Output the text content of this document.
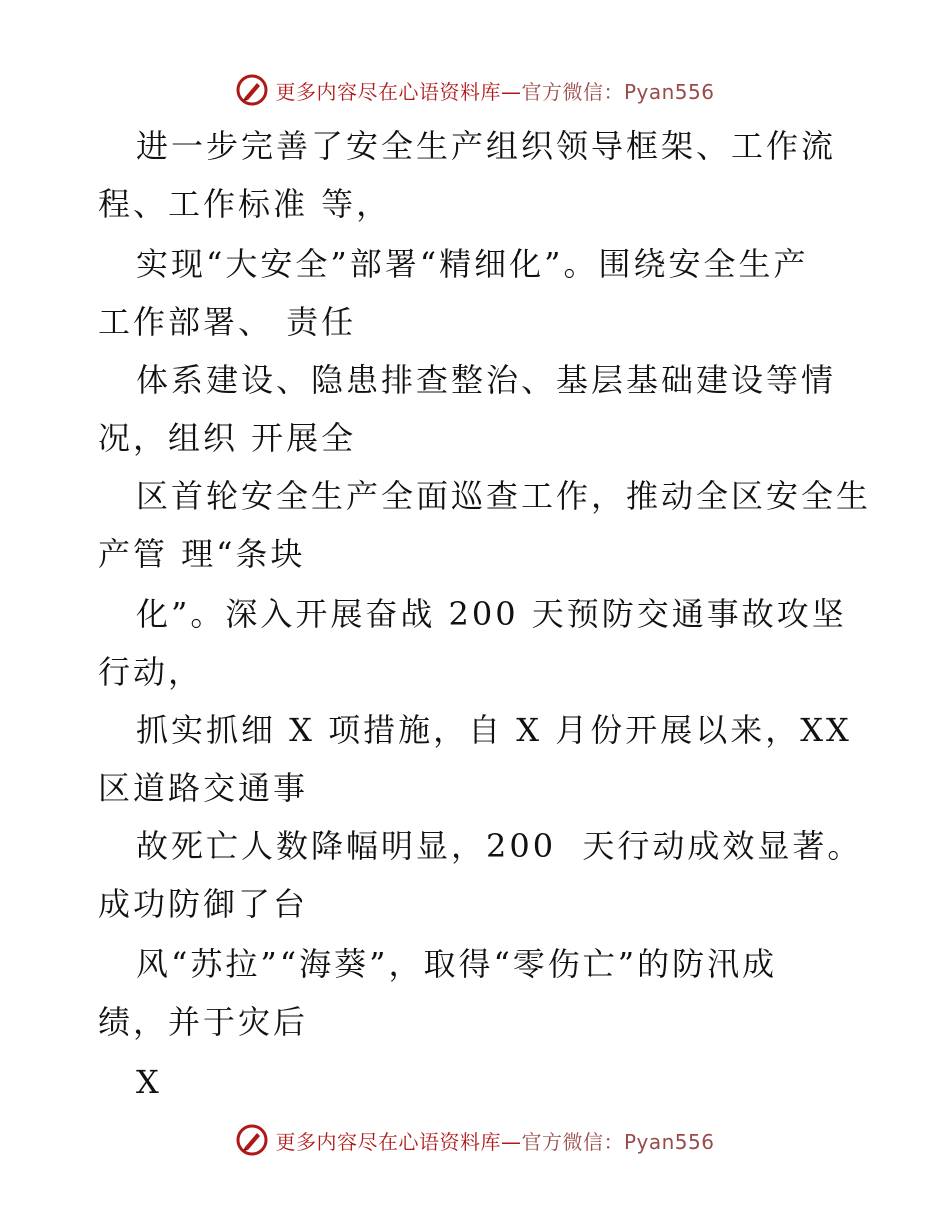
更多内容尽在心语资料库—官方微信：Pyan556
进一步完善了安全生产组织领导框架、工作流
程、工作标准 等，
实现“大安全”部署“精细化”。围绕安全生产
工作部署、 责任
体系建设、隐患排查整治、基层基础建设等情
况，组织 开展全
区首轮安全生产全面巡查工作，推动全区安全生
产管 理“条块
化”。深入开展奋战 200 天预防交通事故攻坚
行动，
抓实抓细 X 项措施，自 X 月份开展以来，XX
区道路交通事
故死亡人数降幅明显，200  天行动成效显著。
成功防御了台
风“苏拉”“海葵”，取得“零伤亡”的防汛成
绩，并于灾后
X
更多内容尽在心语资料库—官方微信：Pyan556
